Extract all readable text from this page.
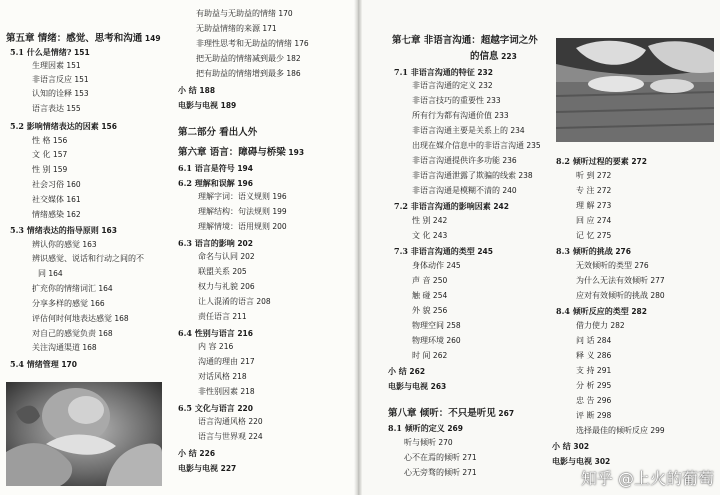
知乎 @上火的葡萄
第五章 情绪：感觉、思考和沟通 149
5.1 什么是情绪? 151
生理因素 151
非语言反应 151
认知的诠释 153
语言表达 155
5.2 影响情绪表达的因素 156
性 格 156
文 化 157
性 别 159
社会习俗 160
社交媒体 161
情绪感染 162
5.3 情绪表达的指导原则 163
辨认你的感觉 163
辨识感觉、说话和行动之间的不
同 164
扩充你的情绪词汇 164
分享多样的感觉 166
评估何时何地表达感觉 168
对自己的感觉负责 168
关注沟通渠道 168
5.4 情绪管理 170
有助益与无助益的情绪 170
无助益情绪的来源 171
非理性思考和无助益的情绪 176
把无助益的情绪减到最少 182
把有助益的情绪增到最多 186
小 结 188
电影与电视 189
第二部分 看出人外
第六章 语言：障碍与桥梁 193
6.1 语言是符号 194
6.2 理解和误解 196
理解字词：语义规则 196
理解结构：句法规则 199
理解情境：语用规则 200
6.3 语言的影响 202
命名与认同 202
联盟关系 205
权力与礼貌 206
让人混淆的语言 208
责任语言 211
6.4 性别与语言 216
内 容 216
沟通的理由 217
对话风格 218
非性别因素 218
6.5 文化与语言 220
语言沟通风格 220
语言与世界观 224
小 结 226
电影与电视 227
第七章 非语言沟通：超越字词之外
的信息 223
7.1 非语言沟通的特征 232
非语言沟通的定义 232
非语言技巧的重要性 233
所有行为都有沟通价值 233
非语言沟通主要是关系上的 234
出现在媒介信息中的非语言沟通 235
非语言沟通提供许多功能 236
非语言沟通泄露了欺骗的线索 238
非语言沟通是模糊不清的 240
7.2 非语言沟通的影响因素 242
性 别 242
文 化 243
7.3 非语言沟通的类型 245
身体动作 245
声 音 250
触 碰 254
外 貌 256
物理空间 258
物理环境 260
时 间 262
小 结 262
电影与电视 263
第八章 倾听：不只是听见 267
8.1 倾听的定义 269
听与倾听 270
心不在焉的倾听 271
心无旁骛的倾听 271
8.2 倾听过程的要素 272
听 到 272
专 注 272
理 解 273
回 应 274
记 忆 275
8.3 倾听的挑战 276
无效倾听的类型 276
为什么无法有效倾听 277
应对有效倾听的挑战 280
8.4 倾听反应的类型 282
借力使力 282
问 话 284
释 义 286
支 持 291
分 析 295
忠 告 296
评 断 298
选择最佳的倾听反应 299
小 结 302
电影与电视 302
